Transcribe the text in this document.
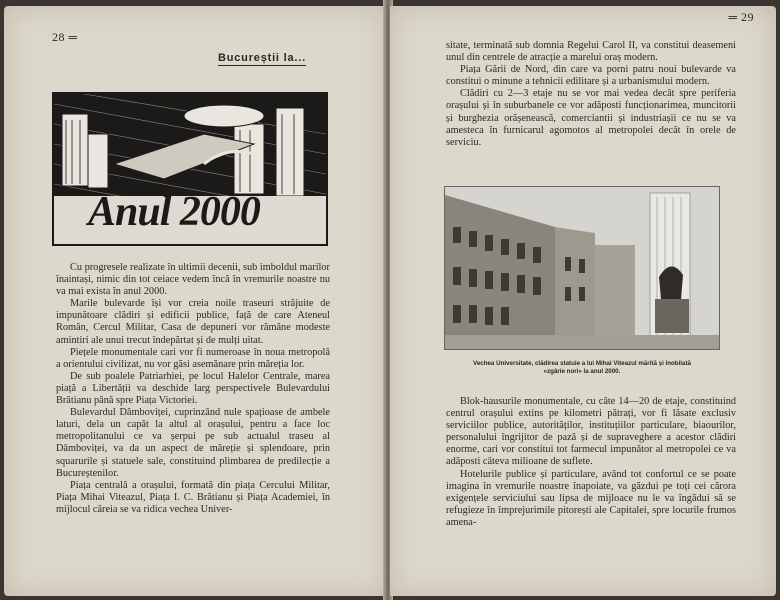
28 ═
Bucureștii la...
Anul 2000

Cu progresele realizate în ultimii decenii, sub imboldul marilor înaintași, nimic din tot ceiace vedem încă în vremurile noastre nu va mai exista în anul 2000.

Marile bulevarde își vor creia noile traseuri străjuite de impunătoare clădiri și edificii publice, față de care Ateneul Român, Cercul Militar, Casa de depuneri vor rămâne modeste amintiri ale unui trecut îndepărtat și de mulți uitat.

Piețele monumentale cari vor fi numeroase în noua metropolă a orientului civilizat, nu vor găsi asemănare prin măreția lor.

De sub poalele Patriarhiei, pe locul Halelor Centrale, marea piață a Libertății va deschide larg perspectivele Bulevardului Brătianu până spre Piața Victoriei.

Bulevardul Dâmboviței, cuprinzând nule spațioase de ambele laturi, dela un capăt la altul al orașului, pentru a face loc metropolitanului ce va șerpui pe sub actualul traseu al Dâmboviței, va da un aspect de măreție și splendoare, prin squarurile și statuele sale, constituind plimbarea de predilecție a Bucureștenilor.

Piața centrală a orașului, formată din piața Cercului Militar, Piața Mihai Viteazul, Piața I. C. Brătianu și Piața Academiei, în mijlocul căreia se va ridica vechea Univer-

═ 29

sitate, terminată sub domnia Regelui Carol II, va constitui deasemeni unul din centrele de atracție a marelui oraș modern.

Piața Gării de Nord, din care va porni patru noui bulevarde va constitui o minune a tehnicii edilitare și a urbanismului modern.

Clădiri cu 2—3 etaje nu se vor mai vedea decât spre periferia orașului și în suburbanele ce vor adăposti funcționarimea, muncitorii și burghezia orășenească, comerciantii și industriașii ce nu se va amesteca în furnicarul agomotos al metropolei decât în orele de serviciu.

Vechea Universitate, clădirea statuie a lui Mihai Viteazul mărită și înobilată «zgârie nori» la anul 2000.

Blok-hausurile monumentale, cu câte 14—20 de etaje, constituind centrul orașului extins pe kilometri pătrați, vor fi lăsate exclusiv serviciilor publice, autorităților, instituțiilor particulare, biaourilor, personalului îngrijitor de pază și de supraveghere a acestor clădiri enorme, cari vor constitui tot farmecul impunător al metropolei ce va adăposti câteva milioane de suflete.

Hotelurile publice și particulare, având tot confortul ce se poate imagina în vremurile noastre înapoiate, va găzdui pe toți cei cărora exigențele serviciului sau lipsa de mijloace nu le va îngădui să se refugieze în împrejurimile pitorești ale Capitalei, spre locurile frumos amena-
